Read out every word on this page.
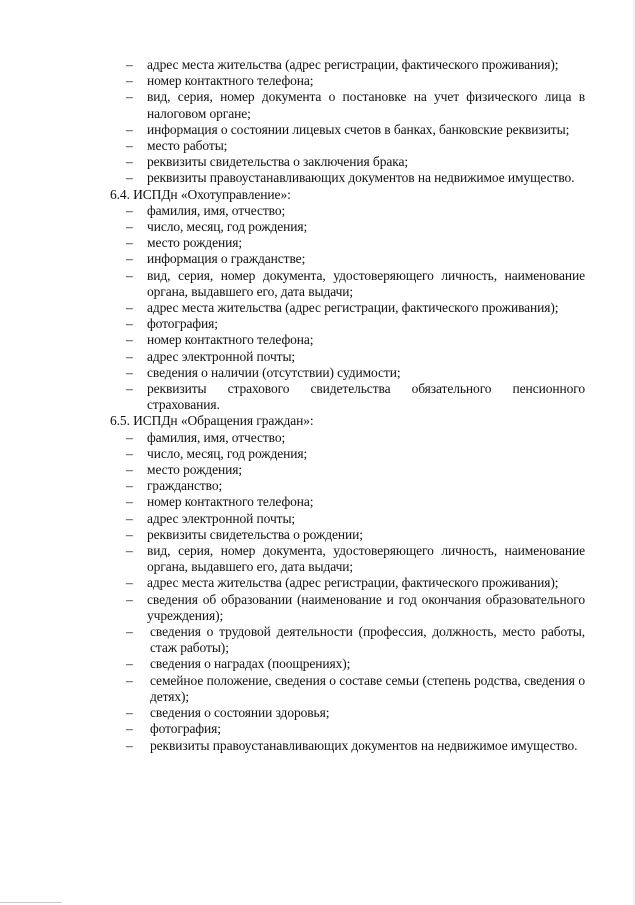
– адрес места жительства (адрес регистрации, фактического проживания);
– номер контактного телефона;
– вид, серия, номер документа о постановке на учет физического лица в налоговом органе;
– информация о состоянии лицевых счетов в банках, банковские реквизиты;
– место работы;
– реквизиты свидетельства о заключения брака;
– реквизиты правоустанавливающих документов на недвижимое имущество.
6.4. ИСПДн «Охотуправление»:
– фамилия, имя, отчество;
– число, месяц, год рождения;
– место рождения;
– информация о гражданстве;
– вид, серия, номер документа, удостоверяющего личность, наименование органа, выдавшего его, дата выдачи;
– адрес места жительства (адрес регистрации, фактического проживания);
– фотография;
– номер контактного телефона;
– адрес электронной почты;
– сведения о наличии (отсутствии) судимости;
– реквизиты страхового свидетельства обязательного пенсионного страхования.
6.5. ИСПДн «Обращения граждан»:
– фамилия, имя, отчество;
– число, месяц, год рождения;
– место рождения;
– гражданство;
– номер контактного телефона;
– адрес электронной почты;
– реквизиты свидетельства о рождении;
– вид, серия, номер документа, удостоверяющего личность, наименование органа, выдавшего его, дата выдачи;
– адрес места жительства (адрес регистрации, фактического проживания);
– сведения об образовании (наименование и год окончания образовательного учреждения);
– сведения о трудовой деятельности (профессия, должность, место работы, стаж работы);
– сведения о наградах (поощрениях);
– семейное положение, сведения о составе семьи (степень родства, сведения о детях);
– сведения о состоянии здоровья;
– фотография;
– реквизиты правоустанавливающих документов на недвижимое имущество.
